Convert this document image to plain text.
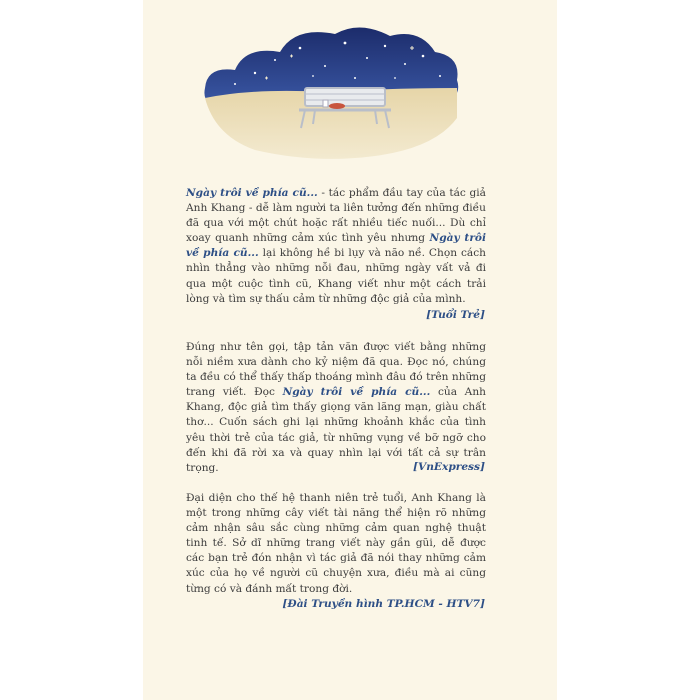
Ngày trôi về phía cũ... - tác phẩm đầu tay của tác giả Anh Khang - dễ làm người ta liên tưởng đến những điều đã qua với một chút hoặc rất nhiều tiếc nuối... Dù chỉ xoay quanh những cảm xúc tình yêu nhưng Ngày trôi về phía cũ... lại không hề bi lụy và não nề. Chọn cách nhìn thẳng vào những nỗi đau, những ngày vất vả đi qua một cuộc tình cũ, Khang viết như một cách trải lòng và tìm sự thấu cảm từ những độc giả của mình.

[Tuổi Trẻ]

Đúng như tên gọi, tập tản văn được viết bằng những nỗi niềm xưa dành cho kỷ niệm đã qua. Đọc nó, chúng ta đều có thể thấy thấp thoáng mình đâu đó trên những trang viết. Đọc Ngày trôi về phía cũ... của Anh Khang, độc giả tìm thấy giọng văn lãng mạn, giàu chất thơ... Cuốn sách ghi lại những khoảnh khắc của tình yêu thời trẻ của tác giả, từ những vụng về bỡ ngỡ cho đến khi đã rời xa và quay nhìn lại với tất cả sự trân trọng.	[VnExpress]

Đại diện cho thế hệ thanh niên trẻ tuổi, Anh Khang là một trong những cây viết tài năng thể hiện rõ những cảm nhận sâu sắc cùng những cảm quan nghệ thuật tinh tế. Sở dĩ những trang viết này gần gũi, dễ được các bạn trẻ đón nhận vì tác giả đã nói thay những cảm xúc của họ về người cũ chuyện xưa, điều mà ai cũng từng có và đánh mất trong đời.

[Đài Truyền hình TP.HCM - HTV7]
